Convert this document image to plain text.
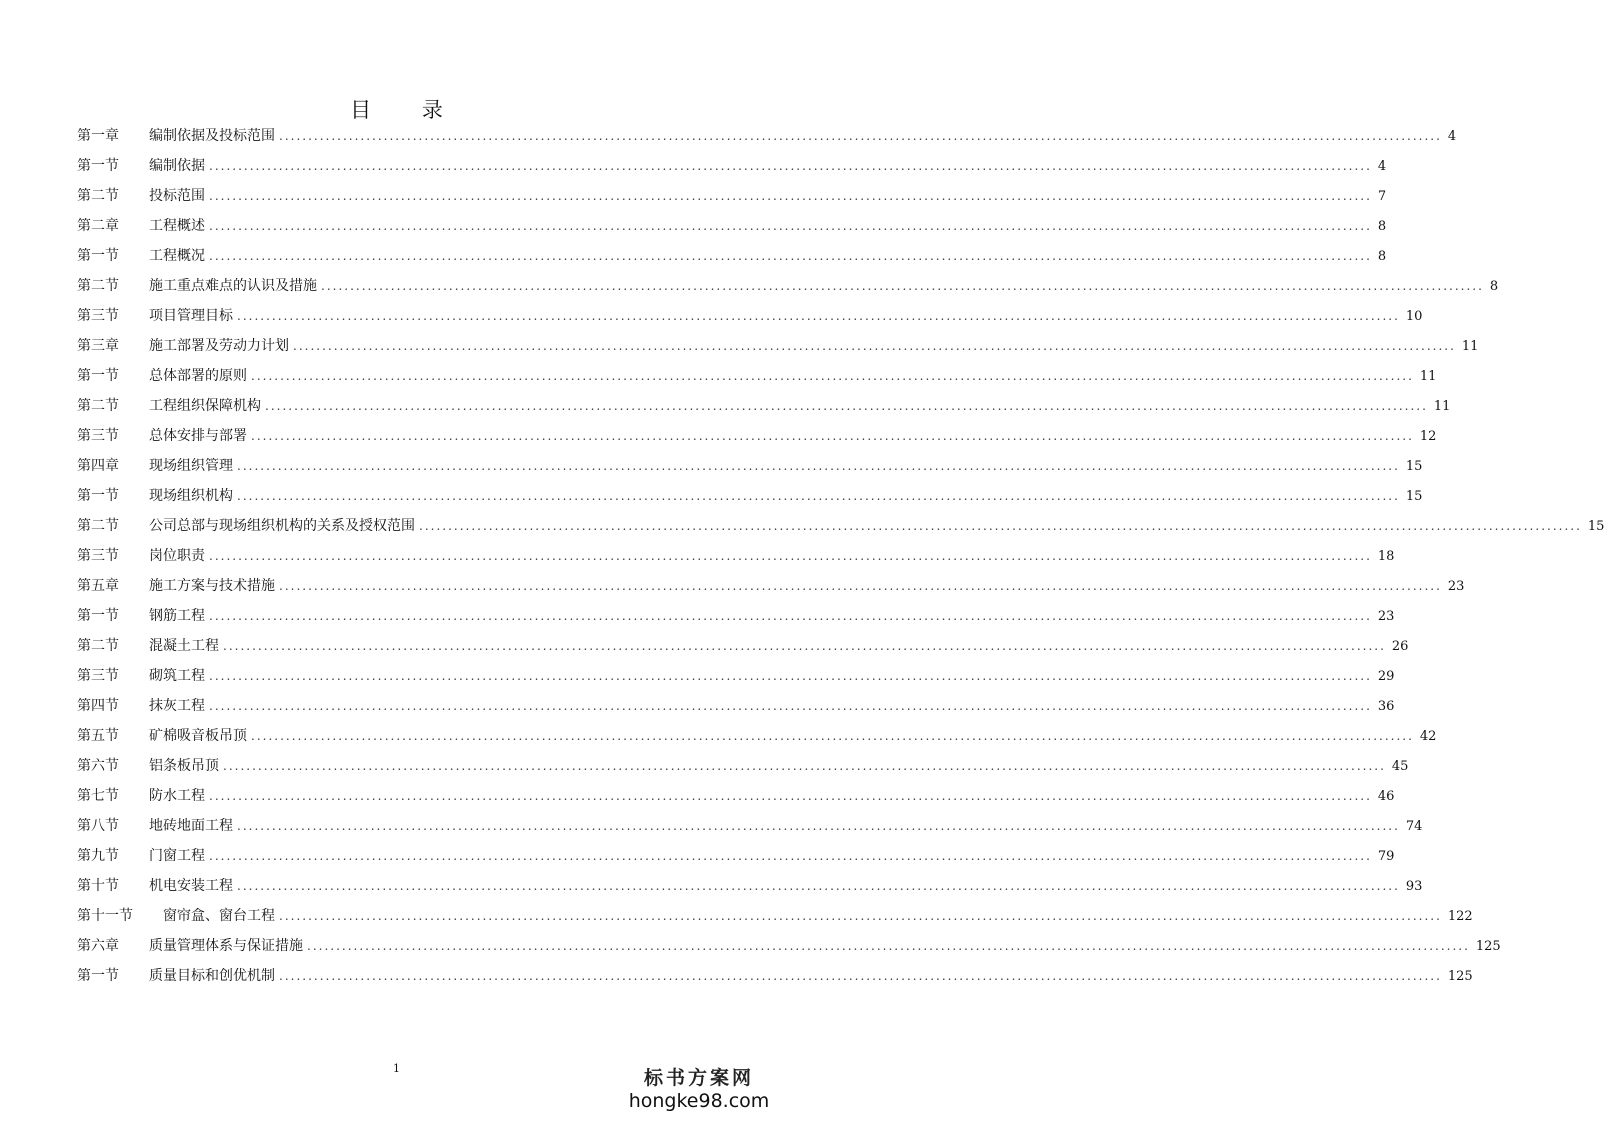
目 录
第一章	编制依据及投标范围 ........................................................................................................................................................................................................ 4
第一节	编制依据 ........................................................................................................................................................................................................ 4
第二节	投标范围 ........................................................................................................................................................................................................ 7
第二章	工程概述 ........................................................................................................................................................................................................ 8
第一节	工程概况 ........................................................................................................................................................................................................ 8
第二节	施工重点难点的认识及措施 ........................................................................................................................................................................................................ 8
第三节	项目管理目标 ........................................................................................................................................................................................................ 10
第三章	施工部署及劳动力计划 ........................................................................................................................................................................................................ 11
第一节	总体部署的原则 ........................................................................................................................................................................................................ 11
第二节	工程组织保障机构 ........................................................................................................................................................................................................ 11
第三节	总体安排与部署 ........................................................................................................................................................................................................ 12
第四章	现场组织管理 ........................................................................................................................................................................................................ 15
第一节	现场组织机构 ........................................................................................................................................................................................................ 15
第二节	公司总部与现场组织机构的关系及授权范围 ........................................................................................................................................................................................................ 15
第三节	岗位职责 ........................................................................................................................................................................................................ 18
第五章	施工方案与技术措施 ........................................................................................................................................................................................................ 23
第一节	钢筋工程 ........................................................................................................................................................................................................ 23
第二节	混凝土工程 ........................................................................................................................................................................................................ 26
第三节	砌筑工程 ........................................................................................................................................................................................................ 29
第四节	抹灰工程 ........................................................................................................................................................................................................ 36
第五节	矿棉吸音板吊顶 ........................................................................................................................................................................................................ 42
第六节	铝条板吊顶 ........................................................................................................................................................................................................ 45
第七节	防水工程 ........................................................................................................................................................................................................ 46
第八节	地砖地面工程 ........................................................................................................................................................................................................ 74
第九节	门窗工程 ........................................................................................................................................................................................................ 79
第十节	机电安装工程 ........................................................................................................................................................................................................ 93
第十一节	窗帘盒、窗台工程 ........................................................................................................................................................................................................ 122
第六章	质量管理体系与保证措施 ........................................................................................................................................................................................................ 125
第一节	质量目标和创优机制 ........................................................................................................................................................................................................ 125
1	标书方案网
hongke98.com
